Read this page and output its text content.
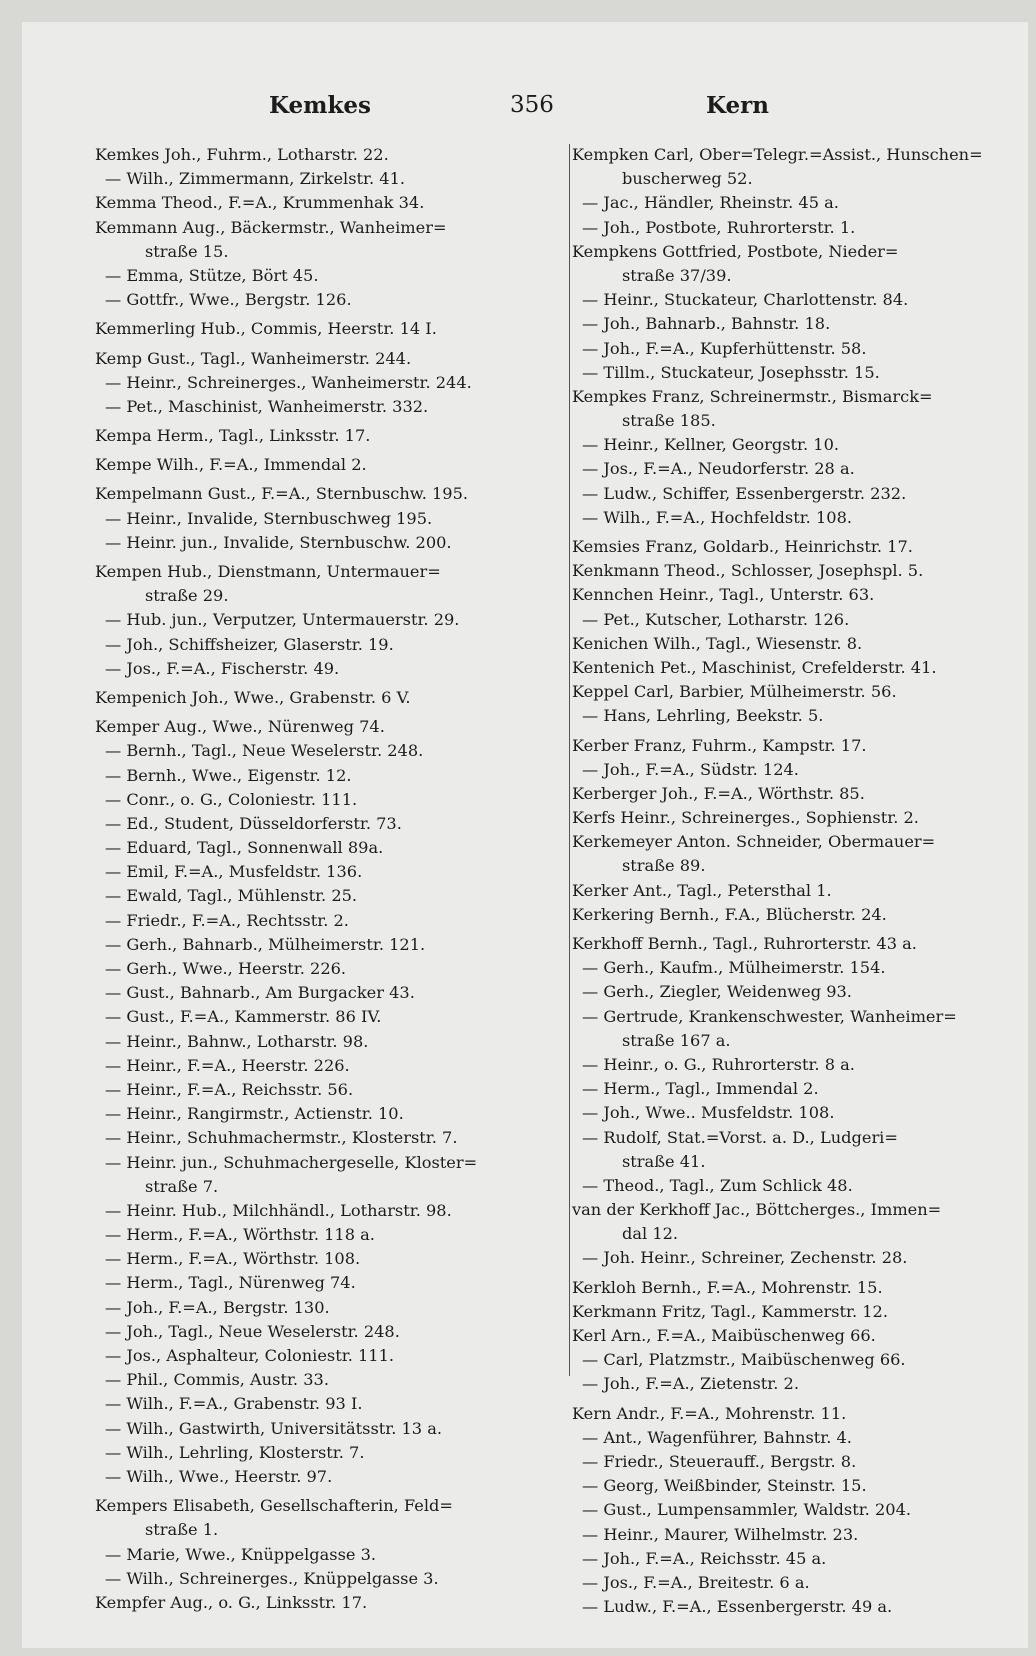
Kemkes	356	Kern
Kemkes Joh., Fuhrm., Lotharstr. 22.
— Wilh., Zimmermann, Zirkelstr. 41.
Kemma Theod., F.=A., Krummenhak 34.
Kemmann Aug., Bäckermstr., Wanheimer=
straße 15.
— Emma, Stütze, Bört 45.
— Gottfr., Wwe., Bergstr. 126.
Kemmerling Hub., Commis, Heerstr. 14 I.
Kemp Gust., Tagl., Wanheimerstr. 244.
— Heinr., Schreinerges., Wanheimerstr. 244.
— Pet., Maschinist, Wanheimerstr. 332.
Kempa Herm., Tagl., Linksstr. 17.
Kempe Wilh., F.=A., Immendal 2.
Kempelmann Gust., F.=A., Sternbuschw. 195.
— Heinr., Invalide, Sternbuschweg 195.
— Heinr. jun., Invalide, Sternbuschw. 200.
Kempen Hub., Dienstmann, Untermauer=
straße 29.
— Hub. jun., Verputzer, Untermauerstr. 29.
— Joh., Schiffsheizer, Glaserstr. 19.
— Jos., F.=A., Fischerstr. 49.
Kempenich Joh., Wwe., Grabenstr. 6 V.
Kemper Aug., Wwe., Nürenweg 74.
— Bernh., Tagl., Neue Weselerstr. 248.
— Bernh., Wwe., Eigenstr. 12.
— Conr., o. G., Coloniestr. 111.
— Ed., Student, Düsseldorferstr. 73.
— Eduard, Tagl., Sonnenwall 89a.
— Emil, F.=A., Musfeldstr. 136.
— Ewald, Tagl., Mühlenstr. 25.
— Friedr., F.=A., Rechtsstr. 2.
— Gerh., Bahnarb., Mülheimerstr. 121.
— Gerh., Wwe., Heerstr. 226.
— Gust., Bahnarb., Am Burgacker 43.
— Gust., F.=A., Kammerstr. 86 IV.
— Heinr., Bahnw., Lotharstr. 98.
— Heinr., F.=A., Heerstr. 226.
— Heinr., F.=A., Reichsstr. 56.
— Heinr., Rangirmstr., Actienstr. 10.
— Heinr., Schuhmachermstr., Klosterstr. 7.
— Heinr. jun., Schuhmachergeselle, Kloster=
straße 7.
— Heinr. Hub., Milchhändl., Lotharstr. 98.
— Herm., F.=A., Wörthstr. 118 a.
— Herm., F.=A., Wörthstr. 108.
— Herm., Tagl., Nürenweg 74.
— Joh., F.=A., Bergstr. 130.
— Joh., Tagl., Neue Weselerstr. 248.
— Jos., Asphalteur, Coloniestr. 111.
— Phil., Commis, Austr. 33.
— Wilh., F.=A., Grabenstr. 93 I.
— Wilh., Gastwirth, Universitätsstr. 13 a.
— Wilh., Lehrling, Klosterstr. 7.
— Wilh., Wwe., Heerstr. 97.
Kempers Elisabeth, Gesellschafterin, Feld=
straße 1.
— Marie, Wwe., Knüppelgasse 3.
— Wilh., Schreinerges., Knüppelgasse 3.
Kempfer Aug., o. G., Linksstr. 17.
Kempken Carl, Ober=Telegr.=Assist., Hunschen=
buscherweg 52.
— Jac., Händler, Rheinstr. 45 a.
— Joh., Postbote, Ruhrorterstr. 1.
Kempkens Gottfried, Postbote, Nieder=
straße 37/39.
— Heinr., Stuckateur, Charlottenstr. 84.
— Joh., Bahnarb., Bahnstr. 18.
— Joh., F.=A., Kupferhüttenstr. 58.
— Tillm., Stuckateur, Josephsstr. 15.
Kempkes Franz, Schreinermstr., Bismarck=
straße 185.
— Heinr., Kellner, Georgstr. 10.
— Jos., F.=A., Neudorferstr. 28 a.
— Ludw., Schiffer, Essenbergerstr. 232.
— Wilh., F.=A., Hochfeldstr. 108.
Kemsies Franz, Goldarb., Heinrichstr. 17.
Kenkmann Theod., Schlosser, Josephspl. 5.
Kennchen Heinr., Tagl., Unterstr. 63.
— Pet., Kutscher, Lotharstr. 126.
Kenichen Wilh., Tagl., Wiesenstr. 8.
Kentenich Pet., Maschinist, Crefelderstr. 41.
Keppel Carl, Barbier, Mülheimerstr. 56.
— Hans, Lehrling, Beekstr. 5.
Kerber Franz, Fuhrm., Kampstr. 17.
— Joh., F.=A., Südstr. 124.
Kerberger Joh., F.=A., Wörthstr. 85.
Kerfs Heinr., Schreinerges., Sophienstr. 2.
Kerkemeyer Anton. Schneider, Obermauer=
straße 89.
Kerker Ant., Tagl., Petersthal 1.
Kerkering Bernh., F.A., Blücherstr. 24.
Kerkhoff Bernh., Tagl., Ruhrorterstr. 43 a.
— Gerh., Kaufm., Mülheimerstr. 154.
— Gerh., Ziegler, Weidenweg 93.
— Gertrude, Krankenschwester, Wanheimer=
straße 167 a.
— Heinr., o. G., Ruhrorterstr. 8 a.
— Herm., Tagl., Immendal 2.
— Joh., Wwe.. Musfeldstr. 108.
— Rudolf, Stat.=Vorst. a. D., Ludgeri=
straße 41.
— Theod., Tagl., Zum Schlick 48.
van der Kerkhoff Jac., Böttcherges., Immen=
dal 12.
— Joh. Heinr., Schreiner, Zechenstr. 28.
Kerkloh Bernh., F.=A., Mohrenstr. 15.
Kerkmann Fritz, Tagl., Kammerstr. 12.
Kerl Arn., F.=A., Maibüschenweg 66.
— Carl, Platzmstr., Maibüschenweg 66.
— Joh., F.=A., Zietenstr. 2.
Kern Andr., F.=A., Mohrenstr. 11.
— Ant., Wagenführer, Bahnstr. 4.
— Friedr., Steuerauff., Bergstr. 8.
— Georg, Weißbinder, Steinstr. 15.
— Gust., Lumpensammler, Waldstr. 204.
— Heinr., Maurer, Wilhelmstr. 23.
— Joh., F.=A., Reichsstr. 45 a.
— Jos., F.=A., Breitestr. 6 a.
— Ludw., F.=A., Essenbergerstr. 49 a.
